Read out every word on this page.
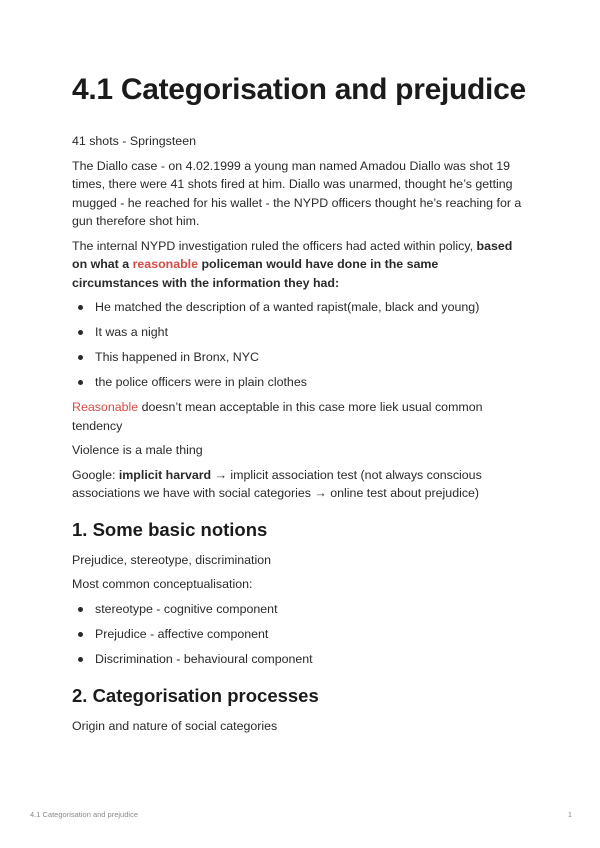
4.1 Categorisation and prejudice

41 shots - Springsteen

The Diallo case - on 4.02.1999 a young man named Amadou Diallo was shot 19 times, there were 41 shots fired at him. Diallo was unarmed, thought he’s getting mugged - he reached for his wallet - the NYPD officers thought he’s reaching for a gun therefore shot him.

The internal NYPD investigation ruled the officers had acted within policy, based on what a reasonable policeman would have done in the same circumstances with the information they had:

He matched the description of a wanted rapist(male, black and young)
It was a night
This happened in Bronx, NYC
the police officers were in plain clothes

Reasonable doesn’t mean acceptable in this case more liek usual common tendency

Violence is a male thing

Google: implicit harvard → implicit association test (not always conscious associations we have with social categories → online test about prejudice)

1. Some basic notions

Prejudice, stereotype, discrimination

Most common conceptualisation:

stereotype - cognitive component
Prejudice - affective component
Discrimination - behavioural component
2. Categorisation processes

Origin and nature of social categories

4.1 Categorisation and prejudice	1
